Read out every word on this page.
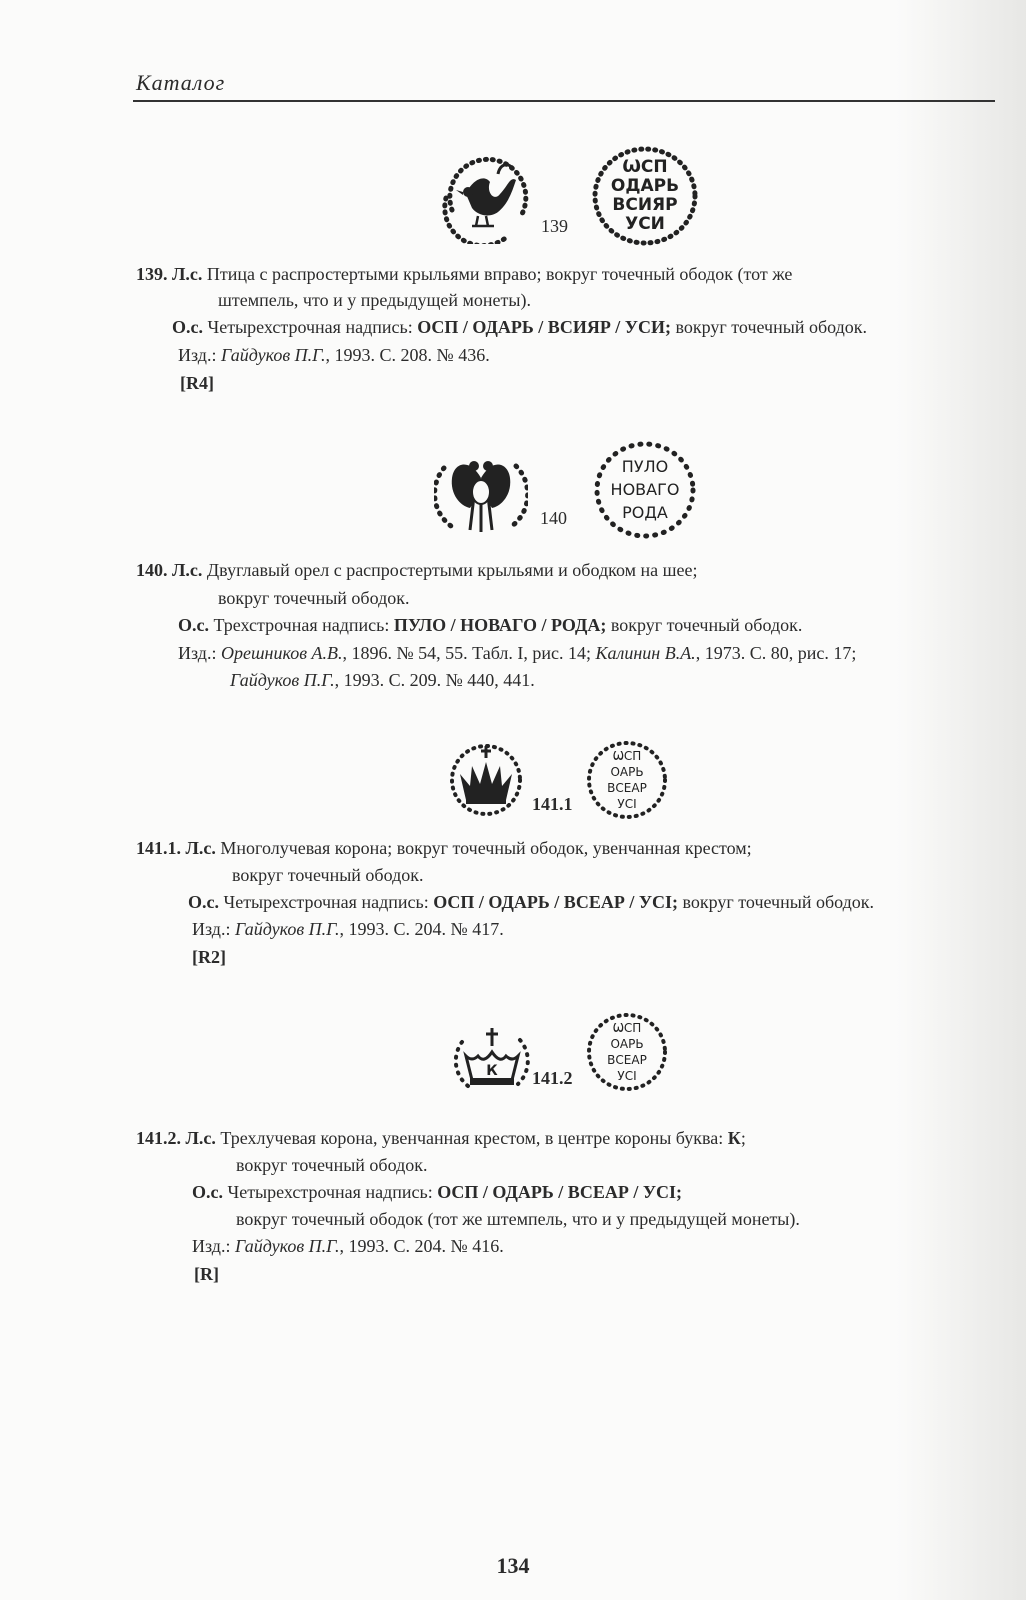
Каталог
139
ѠСП
ОДАРЬ
ВСИЯР
УСИ
139. Л.с. Птица с распростертыми крыльями вправо; вокруг точечный ободок (тот же
штемпель, что и у предыдущей монеты).
О.с. Четырехстрочная надпись: ОСП / ОДАРЬ / ВСИЯР / УСИ; вокруг точечный ободок.
Изд.: Гайдуков П.Г., 1993. С. 208. № 436.
[R4]
140
ПУЛО
НОВАГО
РОДА
140. Л.с. Двуглавый орел с распростертыми крыльями и ободком на шее;
вокруг точечный ободок.
О.с. Трехстрочная надпись: ПУЛО / НОВАГО / РОДА; вокруг точечный ободок.
Изд.: Орешников А.В., 1896. № 54, 55. Табл. I, рис. 14; Калинин В.А., 1973. С. 80, рис. 17;
Гайдуков П.Г., 1993. С. 209. № 440, 441.
141.1
ѠСП
ОАРЬ
ВСЕАР
УСІ
141.1. Л.с. Многолучевая корона; вокруг точечный ободок, увенчанная крестом;
вокруг точечный ободок.
О.с. Четырехстрочная надпись: ОСП / ОДАРЬ / ВСЕАР / УСІ; вокруг точечный ободок.
Изд.: Гайдуков П.Г., 1993. С. 204. № 417.
[R2]
К 141.2
ѠСП
ОАРЬ
ВСЕАР
УСІ
141.2. Л.с. Трехлучевая корона, увенчанная крестом, в центре короны буква: К;
вокруг точечный ободок.
О.с. Четырехстрочная надпись: ОСП / ОДАРЬ / ВСЕАР / УСІ;
вокруг точечный ободок (тот же штемпель, что и у предыдущей монеты).
Изд.: Гайдуков П.Г., 1993. С. 204. № 416.
[R]
134
